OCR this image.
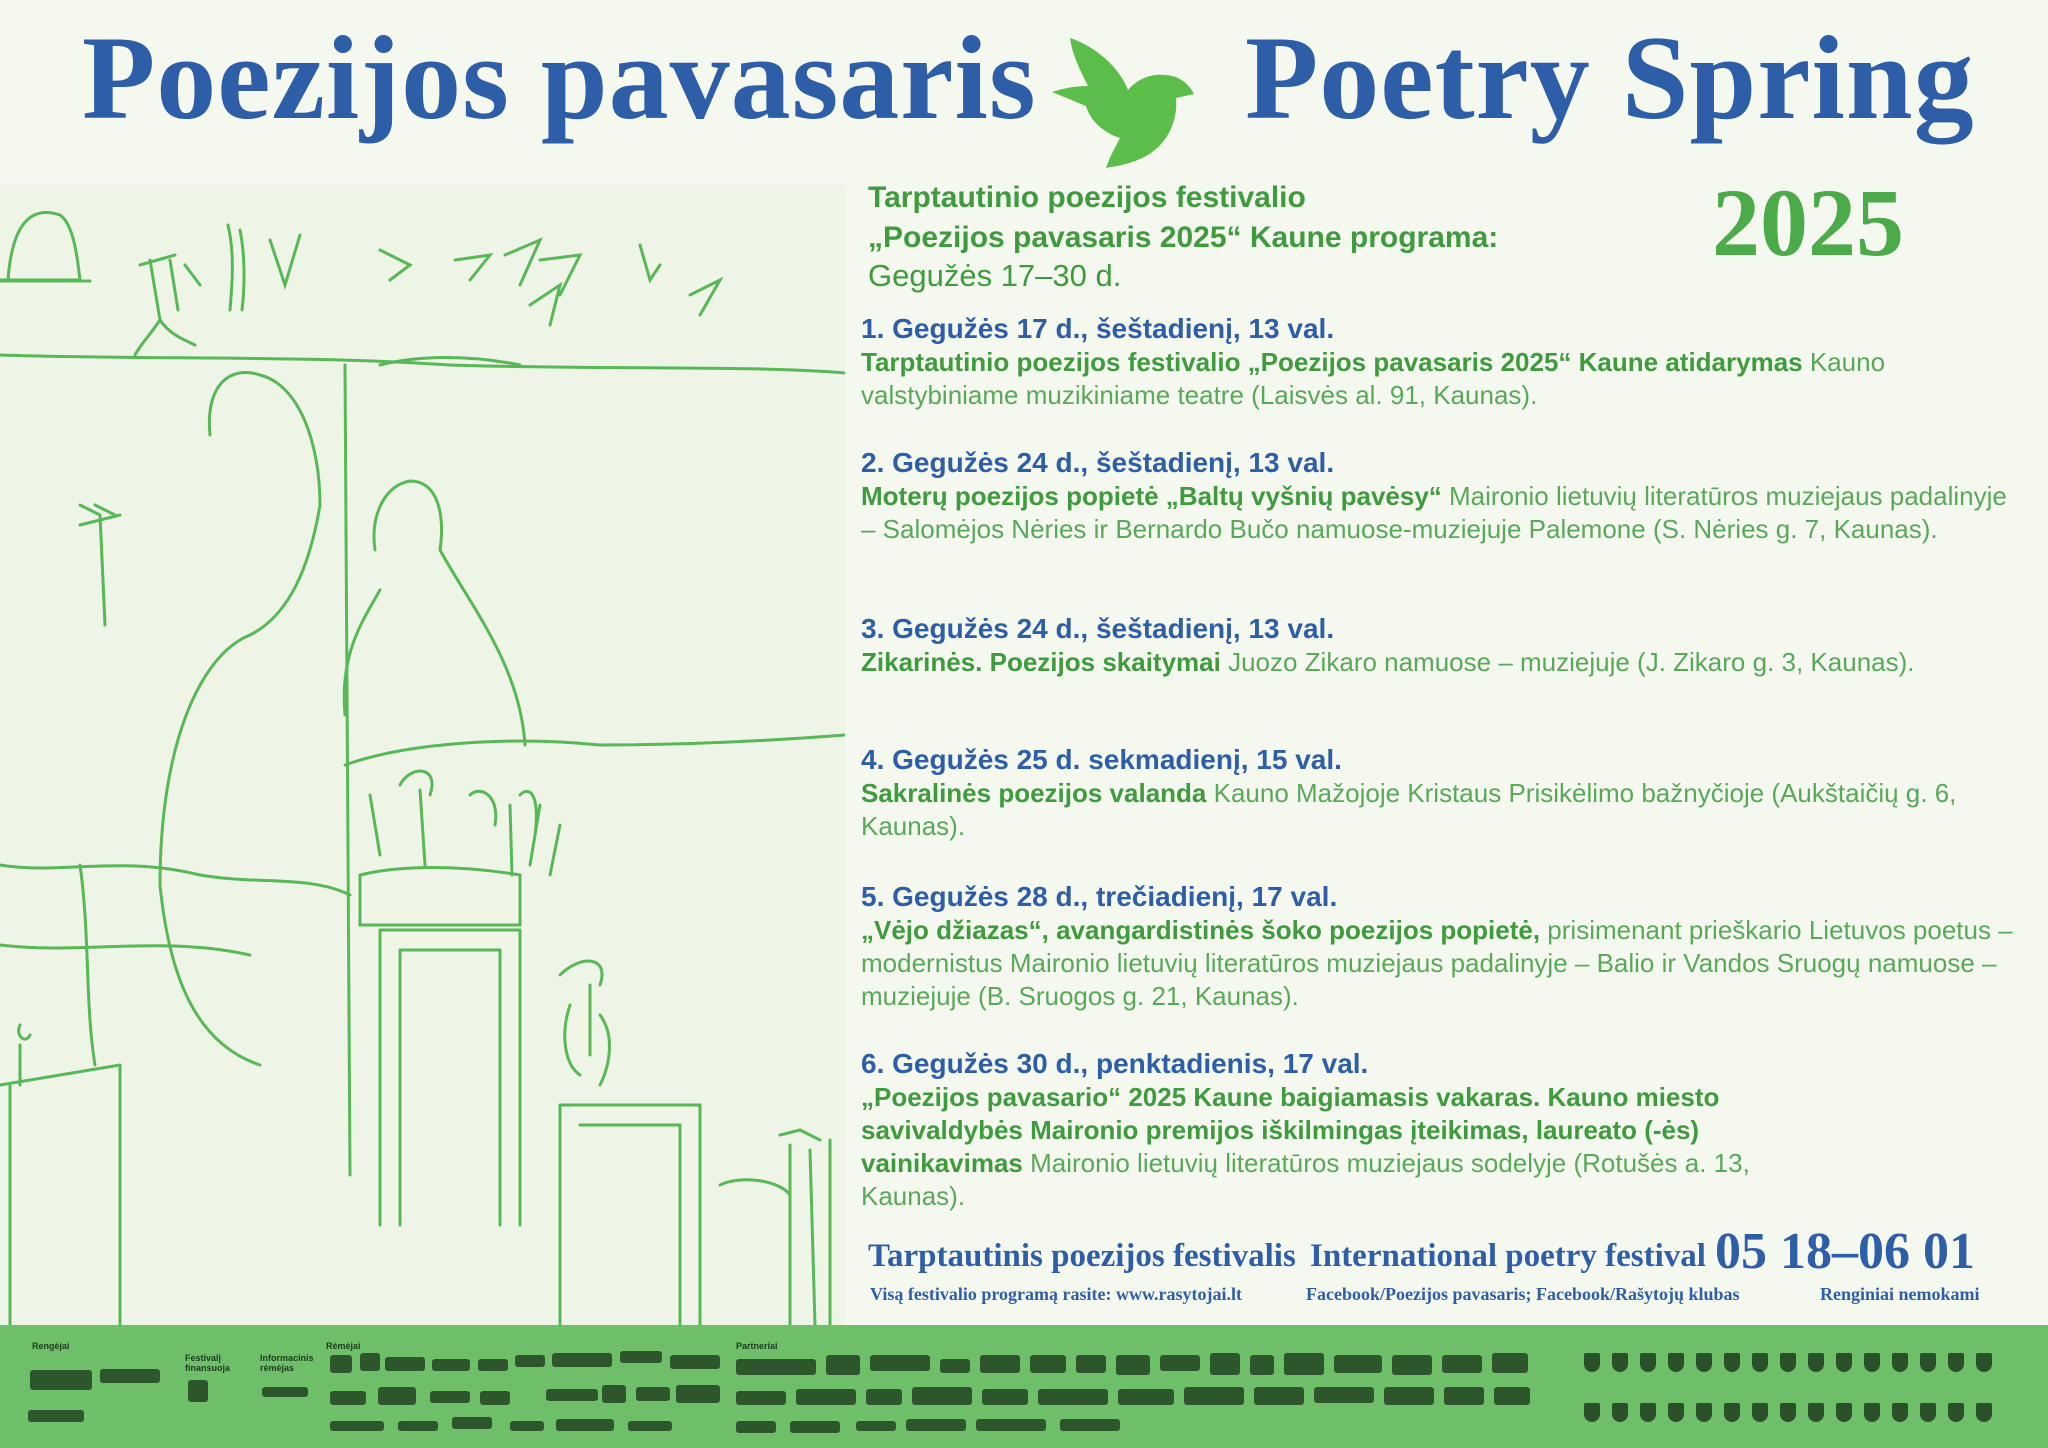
Poezijos pavasaris Poetry Spring
2025
Tarptautinio poezijos festivalio
„Poezijos pavasaris 2025“ Kaune programa:
Gegužės 17–30 d.
1. Gegužės 17 d., šeštadienį, 13 val.
Tarptautinio poezijos festivalio „Poezijos pavasaris 2025“ Kaune atidarymas Kauno valstybiniame muzikiniame teatre (Laisvės al. 91, Kaunas).
2. Gegužės 24 d., šeštadienį, 13 val.
Moterų poezijos popietė „Baltų vyšnių pavėsy“ Maironio lietuvių literatūros muziejaus padalinyje – Salomėjos Nėries ir Bernardo Bučo namuose-muziejuje Palemone (S. Nėries g. 7, Kaunas).
3. Gegužės 24 d., šeštadienį, 13 val.
Zikarinės. Poezijos skaitymai Juozo Zikaro namuose – muziejuje (J. Zikaro g. 3, Kaunas).
4. Gegužės 25 d. sekmadienį, 15 val.
Sakralinės poezijos valanda Kauno Mažojoje Kristaus Prisikėlimo bažnyčioje (Aukštaičių g. 6, Kaunas).
5. Gegužės 28 d., trečiadienį, 17 val.
„Vėjo džiazas“, avangardistinės šoko poezijos popietė, prisimenant prieškario Lietuvos poetus – modernistus Maironio lietuvių literatūros muziejaus padalinyje – Balio ir Vandos Sruogų namuose – muziejuje (B. Sruogos g. 21, Kaunas).
6. Gegužės 30 d., penktadienis, 17 val.
„Poezijos pavasario“ 2025 Kaune baigiamasis vakaras. Kauno miesto savivaldybės Maironio premijos iškilmingas įteikimas, laureato (-ės) vainikavimas Maironio lietuvių literatūros muziejaus sodelyje (Rotušės a. 13, Kaunas).
Tarptautinis poezijos festivalis International poetry festival 05 18–06 01
Visą festivalio programą rasite: www.rasytojai.lt	Facebook/Poezijos pavasaris; Facebook/Rašytojų klubas	Renginiai nemokami
Rengėjai
Festivalį finansuoja
Informacinis rėmėjas
Rėmėjai	Partneriai
